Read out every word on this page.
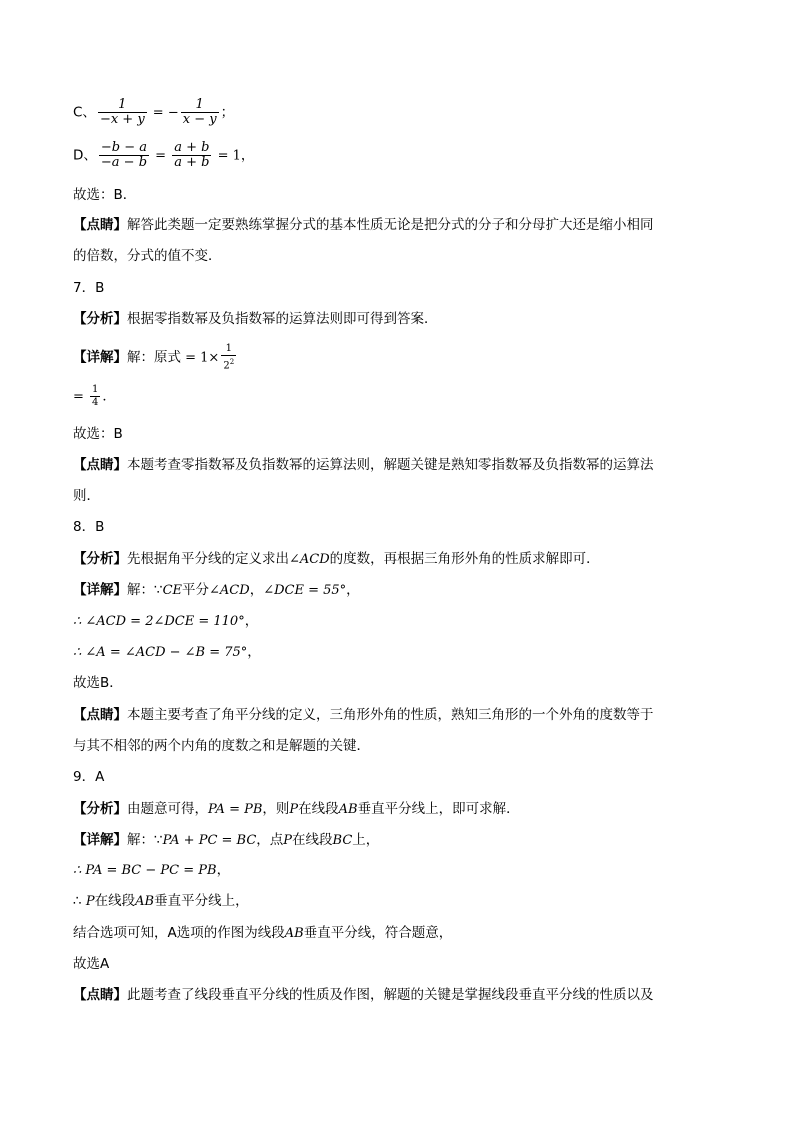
C、 $\frac{1}{-x + y}$ = − $\frac{1}{x - y}$ ；
D、 $\frac{-b - a}{-a - b} = \frac{a + b}{a + b} = 1$，
故选：B．
【点睛】解答此类题一定要熟练掌握分式的基本性质无论是把分式的分子和分母扩大还是缩小相同
的倍数，分式的值不变．
7．B
【分析】根据零指数幂及负指数幂的运算法则即可得到答案．
【详解】解：原式 = $1\times \frac{1}{2^2}$
= $\frac{1}{4}$ ．
故选：B
【点睛】本题考查零指数幂及负指数幂的运算法则，解题关键是熟知零指数幂及负指数幂的运算法
则．
8．B
【分析】先根据角平分线的定义求出∠ACD的度数，再根据三角形外角的性质求解即可．
【详解】解：∵CE平分∠ACD，∠DCE = 55°，
∴ ∠ACD = 2∠DCE = 110°，
∴ ∠A = ∠ACD − ∠B = 75°，
故选B．
【点睛】本题主要考查了角平分线的定义，三角形外角的性质，熟知三角形的一个外角的度数等于
与其不相邻的两个内角的度数之和是解题的关键．
9．A
【分析】由题意可得，PA = PB，则P在线段AB垂直平分线上，即可求解．
【详解】解：∵PA + PC = BC，点P在线段BC上，
∴ PA = BC − PC = PB，
∴ P在线段AB垂直平分线上，
结合选项可知，A选项的作图为线段AB垂直平分线，符合题意，
故选A
【点睛】此题考查了线段垂直平分线的性质及作图，解题的关键是掌握线段垂直平分线的性质以及
